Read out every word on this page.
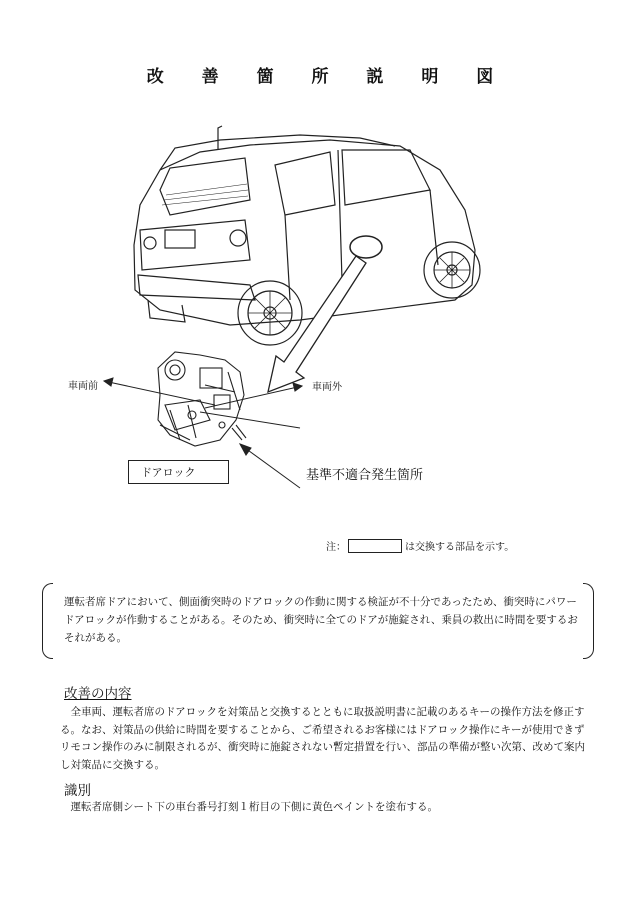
改 善 箇 所 説 明 図
車両前	車両外
ドアロック	基準不適合発生箇所
注：	は交換する部品を示す。
運転者席ドアにおいて、側面衝突時のドアロックの作動に関する検証が不十分であったため、衝突時にパワードアロックが作動することがある。そのため、衝突時に全てのドアが施錠され、乗員の救出に時間を要するおそれがある。
改善の内容
全車両、運転者席のドアロックを対策品と交換するとともに取扱説明書に記載のあるキーの操作方法を修正する。なお、対策品の供給に時間を要することから、ご希望されるお客様にはドアロック操作にキーが使用できずリモコン操作のみに制限されるが、衝突時に施錠されない暫定措置を行い、部品の準備が整い次第、改めて案内し対策品に交換する。
識別
運転者席側シート下の車台番号打刻１桁目の下側に黄色ペイントを塗布する。
